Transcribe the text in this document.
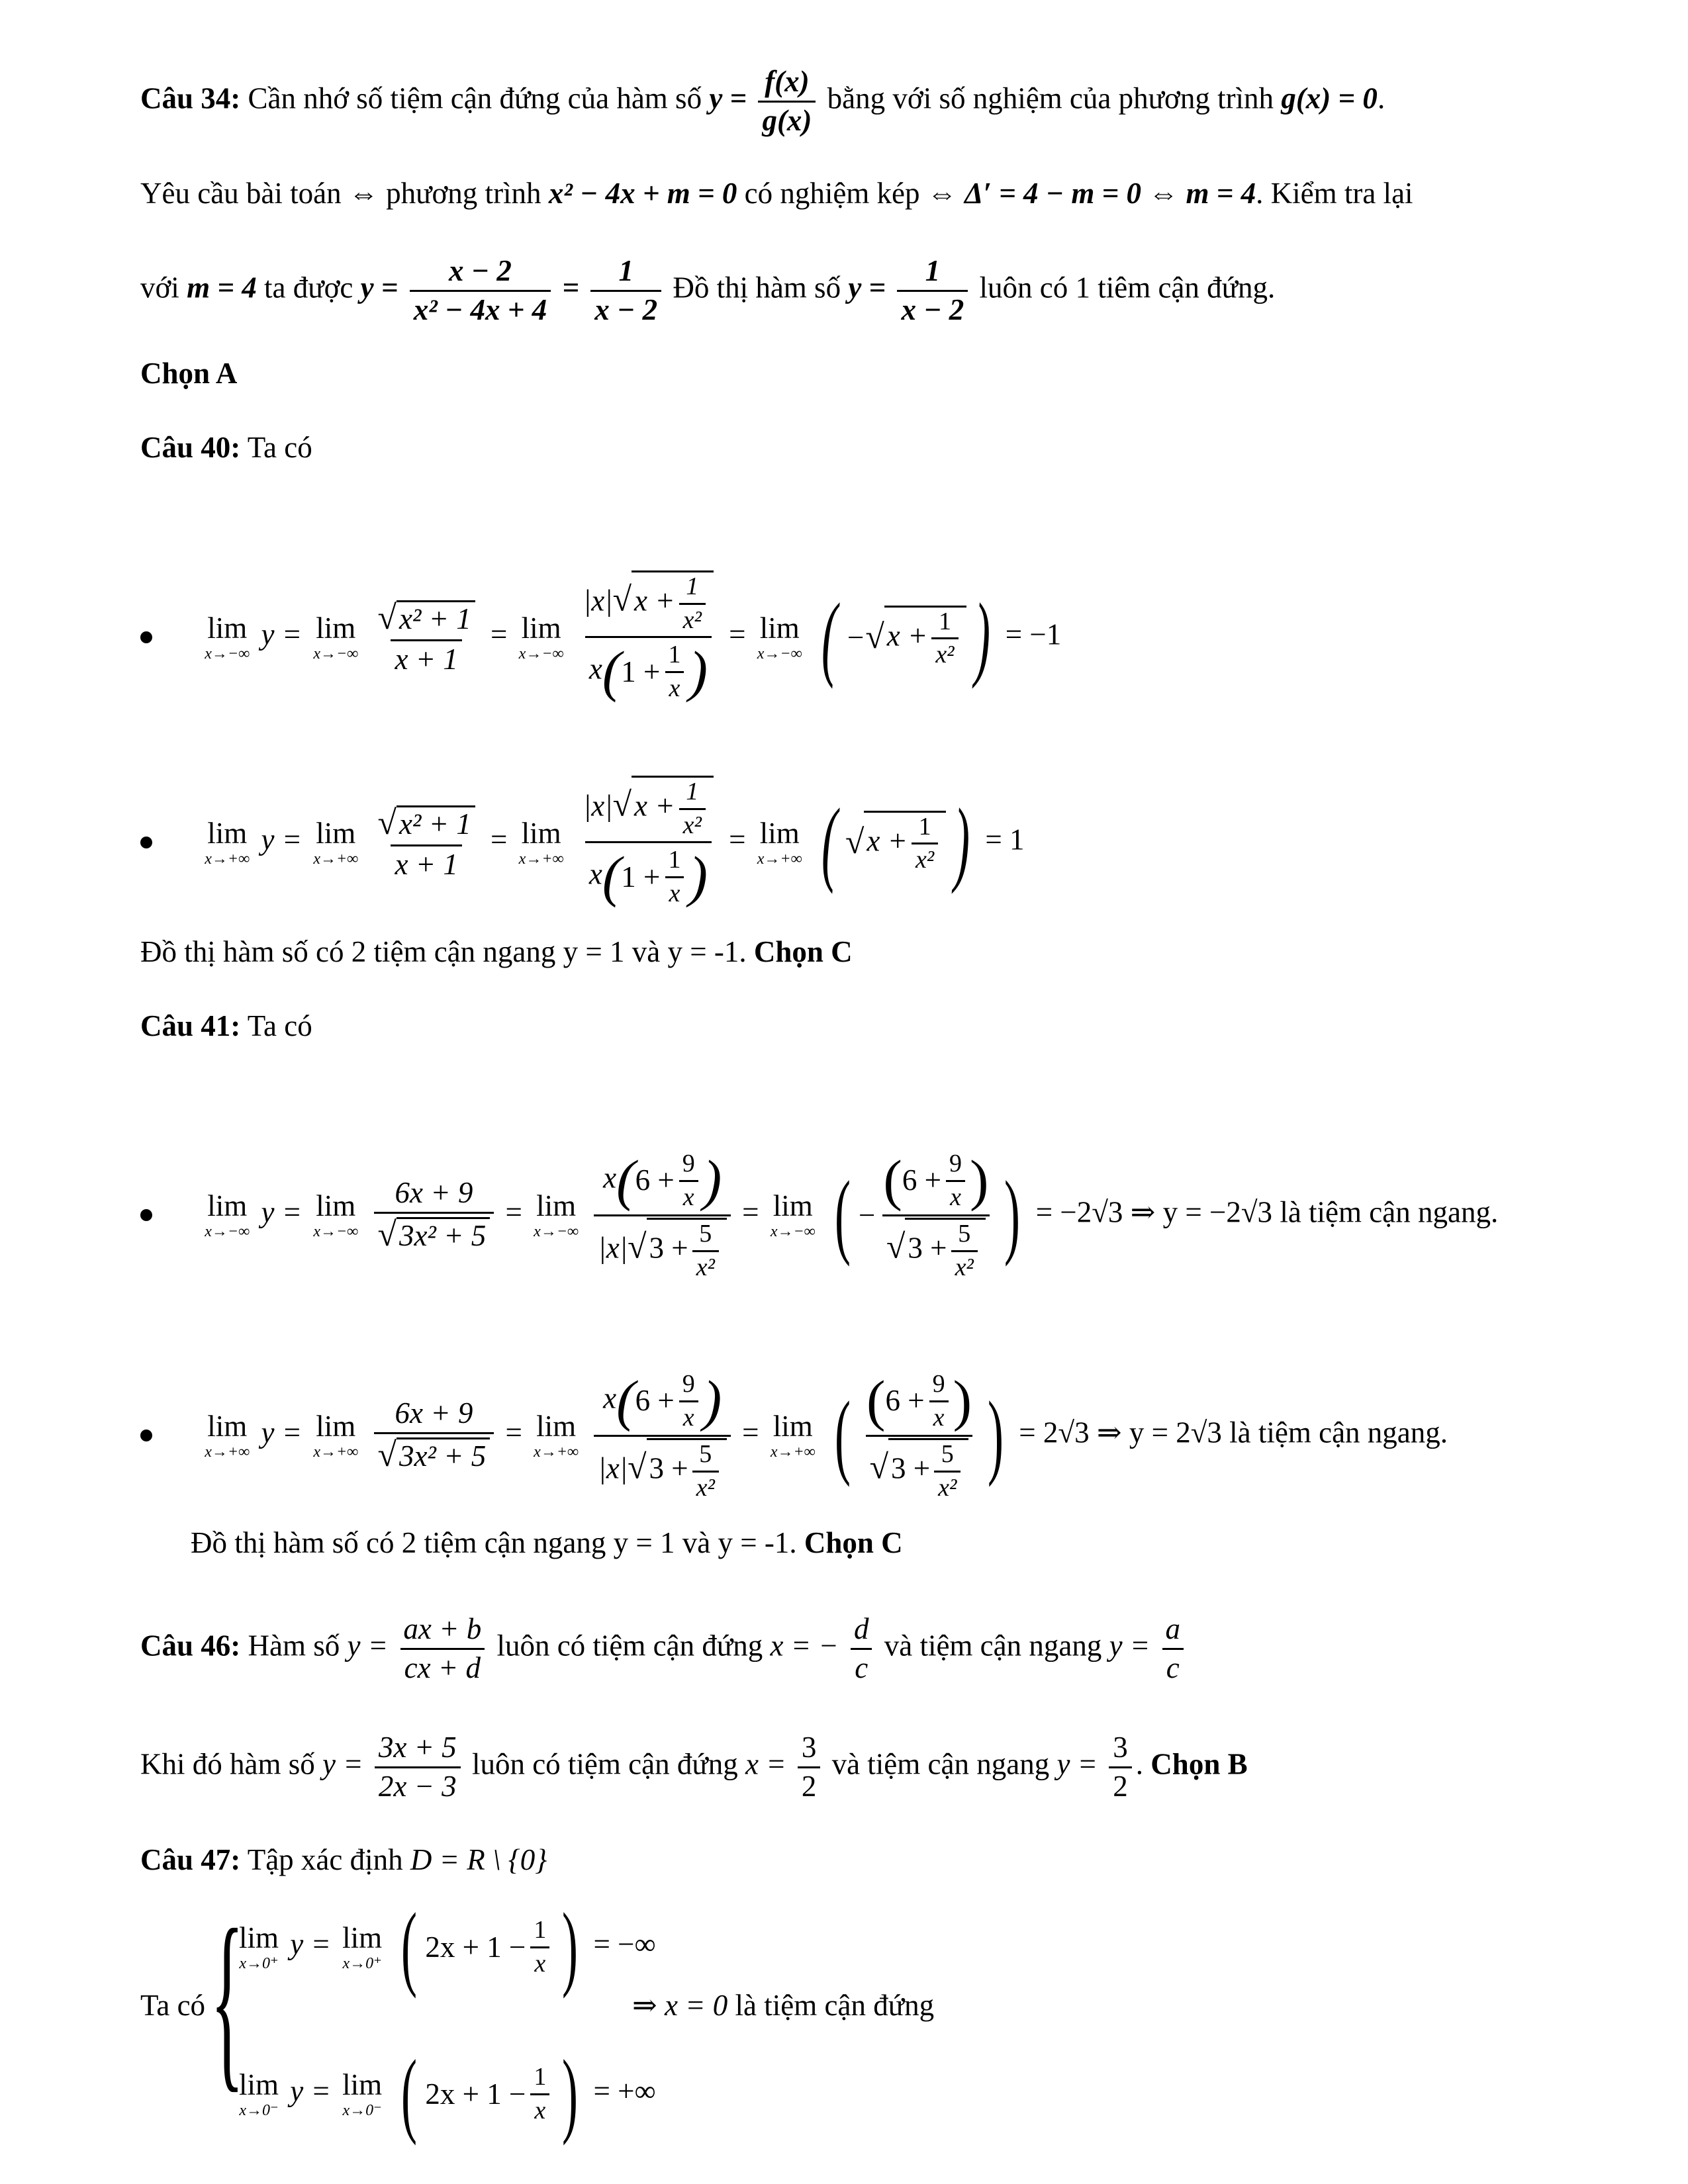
Câu 34: Cần nhớ số tiệm cận đứng của hàm số $y = \frac{f(x)}{g(x)}$ bằng với số nghiệm của phương trình g(x) = 0.
Yêu cầu bài toán ⇔ phương trình x² − 4x + m = 0 có nghiệm kép ⇔ Δ′ = 4 − m = 0 ⇔ m = 4. Kiểm tra lại
với m = 4 ta được $y = \frac{x - 2}{\text{x² − 4x + 4}} = \frac{1}{x - 2}$ Đồ thị hàm số $y = \frac{1}{x - 2}$ luôn có 1 tiêm cận đứng.
Chọn A
Câu 40: Ta có

lim
x→−∞
y = lim
x→−∞
$\frac{\text{√x² + 1}}{x + 1} = \lim$
x→−∞
$\frac{|x|√x + \frac{1}{\text{x²}}}{x ( 1 + \frac{1}{x}}$
) = lim
x→−∞
( − √ $x + \frac{1}{\text{x²}}$
) = −1

lim
x→+∞
y = lim
x→+∞
$\frac{\text{√x² + 1}}{x + 1} = \lim$
x→+∞
$\frac{|x|√x + \frac{1}{\text{x²}}}{x ( 1 + \frac{1}{x}}$
) = lim
x→+∞
( √ $x + \frac{1}{\text{x²}}$
) = 1
Đồ thị hàm số có 2 tiệm cận ngang y = 1 và y = -1. Chọn C
Câu 41: Ta có

lim
x→−∞
y = lim
x→−∞
$\frac{6x + 9}{\text{√3x² + 5}} = \lim$
x→−∞
x ( $6 + \frac{9}{x}$
)
$|x|√3 + \frac{5}{\text{x²}} = \lim$
x→−∞
( − ( $6 + \frac{9}{x}$
)
$√3 + \frac{5}{\text{x²}}$
) = −2√3 ⇒ y = −2√3 là tiệm cận ngang.

lim
x→+∞
y = lim
x→+∞
$\frac{6x + 9}{\text{√3x² + 5}} = \lim$
x→+∞
x ( $6 + \frac{9}{x}$
)
$|x|√3 + \frac{5}{\text{x²}} = \lim$
x→+∞
( ( $6 + \frac{9}{x}$
)
$√3 + \frac{5}{\text{x²}}$
) = 2√3 ⇒ y = 2√3 là tiệm cận ngang.
Đồ thị hàm số có 2 tiệm cận ngang y = 1 và y = -1. Chọn C
Câu 46: Hàm số $y = \frac{ax + b}{cx + d}$ luôn có tiệm cận đứng x = − $\frac{d}{c}$ và tiệm cận ngang $y = \frac{a}{c}$
Khi đó hàm số $y = \frac{3x + 5}{2x - 3}$ luôn có tiệm cận đứng $x = \frac{3}{2}$ và tiệm cận ngang $y = \frac{3}{2}$ . Chọn B
Câu 47: Tập xác định D = R \ {0}
Ta có {
lim
x→0⁺
y = lim
x→0⁺
( $2x + 1 - \frac{1}{x}$
) = −∞
lim
x→0⁻
y = lim
x→0⁻
( $2x + 1 - \frac{1}{x}$
) = +∞
⇒ x = 0 là tiệm cận đứng
